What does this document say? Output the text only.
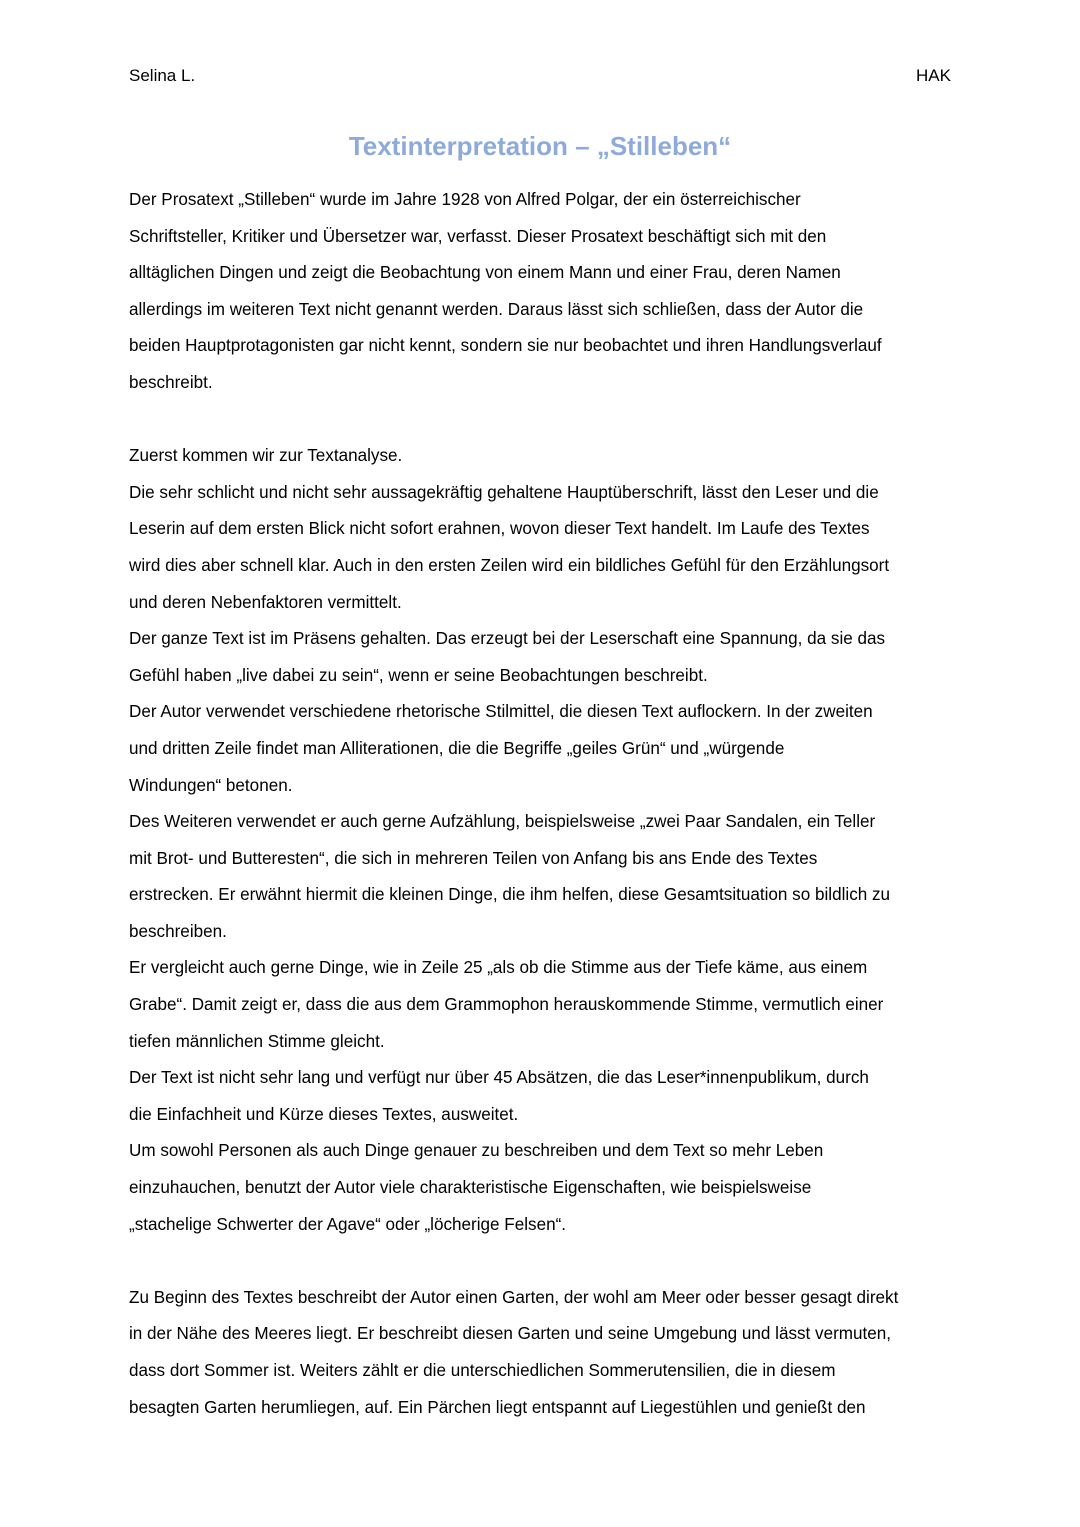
Selina L.	HAK
Textinterpretation – „Stilleben“

Der Prosatext „Stilleben“ wurde im Jahre 1928 von Alfred Polgar, der ein österreichischer

Schriftsteller, Kritiker und Übersetzer war, verfasst. Dieser Prosatext beschäftigt sich mit den

alltäglichen Dingen und zeigt die Beobachtung von einem Mann und einer Frau, deren Namen

allerdings im weiteren Text nicht genannt werden. Daraus lässt sich schließen, dass der Autor die

beiden Hauptprotagonisten gar nicht kennt, sondern sie nur beobachtet und ihren Handlungsverlauf

beschreibt.

Zuerst kommen wir zur Textanalyse.

Die sehr schlicht und nicht sehr aussagekräftig gehaltene Hauptüberschrift, lässt den Leser und die

Leserin auf dem ersten Blick nicht sofort erahnen, wovon dieser Text handelt. Im Laufe des Textes

wird dies aber schnell klar. Auch in den ersten Zeilen wird ein bildliches Gefühl für den Erzählungsort

und deren Nebenfaktoren vermittelt.

Der ganze Text ist im Präsens gehalten. Das erzeugt bei der Leserschaft eine Spannung, da sie das

Gefühl haben „live dabei zu sein“, wenn er seine Beobachtungen beschreibt.

Der Autor verwendet verschiedene rhetorische Stilmittel, die diesen Text auflockern. In der zweiten

und dritten Zeile findet man Alliterationen, die die Begriffe „geiles Grün“ und „würgende

Windungen“ betonen.

Des Weiteren verwendet er auch gerne Aufzählung, beispielsweise „zwei Paar Sandalen, ein Teller

mit Brot- und Butteresten“, die sich in mehreren Teilen von Anfang bis ans Ende des Textes

erstrecken. Er erwähnt hiermit die kleinen Dinge, die ihm helfen, diese Gesamtsituation so bildlich zu

beschreiben.

Er vergleicht auch gerne Dinge, wie in Zeile 25 „als ob die Stimme aus der Tiefe käme, aus einem

Grabe“. Damit zeigt er, dass die aus dem Grammophon herauskommende Stimme, vermutlich einer

tiefen männlichen Stimme gleicht.

Der Text ist nicht sehr lang und verfügt nur über 45 Absätzen, die das Leser*innenpublikum, durch

die Einfachheit und Kürze dieses Textes, ausweitet.

Um sowohl Personen als auch Dinge genauer zu beschreiben und dem Text so mehr Leben

einzuhauchen, benutzt der Autor viele charakteristische Eigenschaften, wie beispielsweise

„stachelige Schwerter der Agave“ oder „löcherige Felsen“.

Zu Beginn des Textes beschreibt der Autor einen Garten, der wohl am Meer oder besser gesagt direkt

in der Nähe des Meeres liegt. Er beschreibt diesen Garten und seine Umgebung und lässt vermuten,

dass dort Sommer ist. Weiters zählt er die unterschiedlichen Sommerutensilien, die in diesem

besagten Garten herumliegen, auf. Ein Pärchen liegt entspannt auf Liegestühlen und genießt den
